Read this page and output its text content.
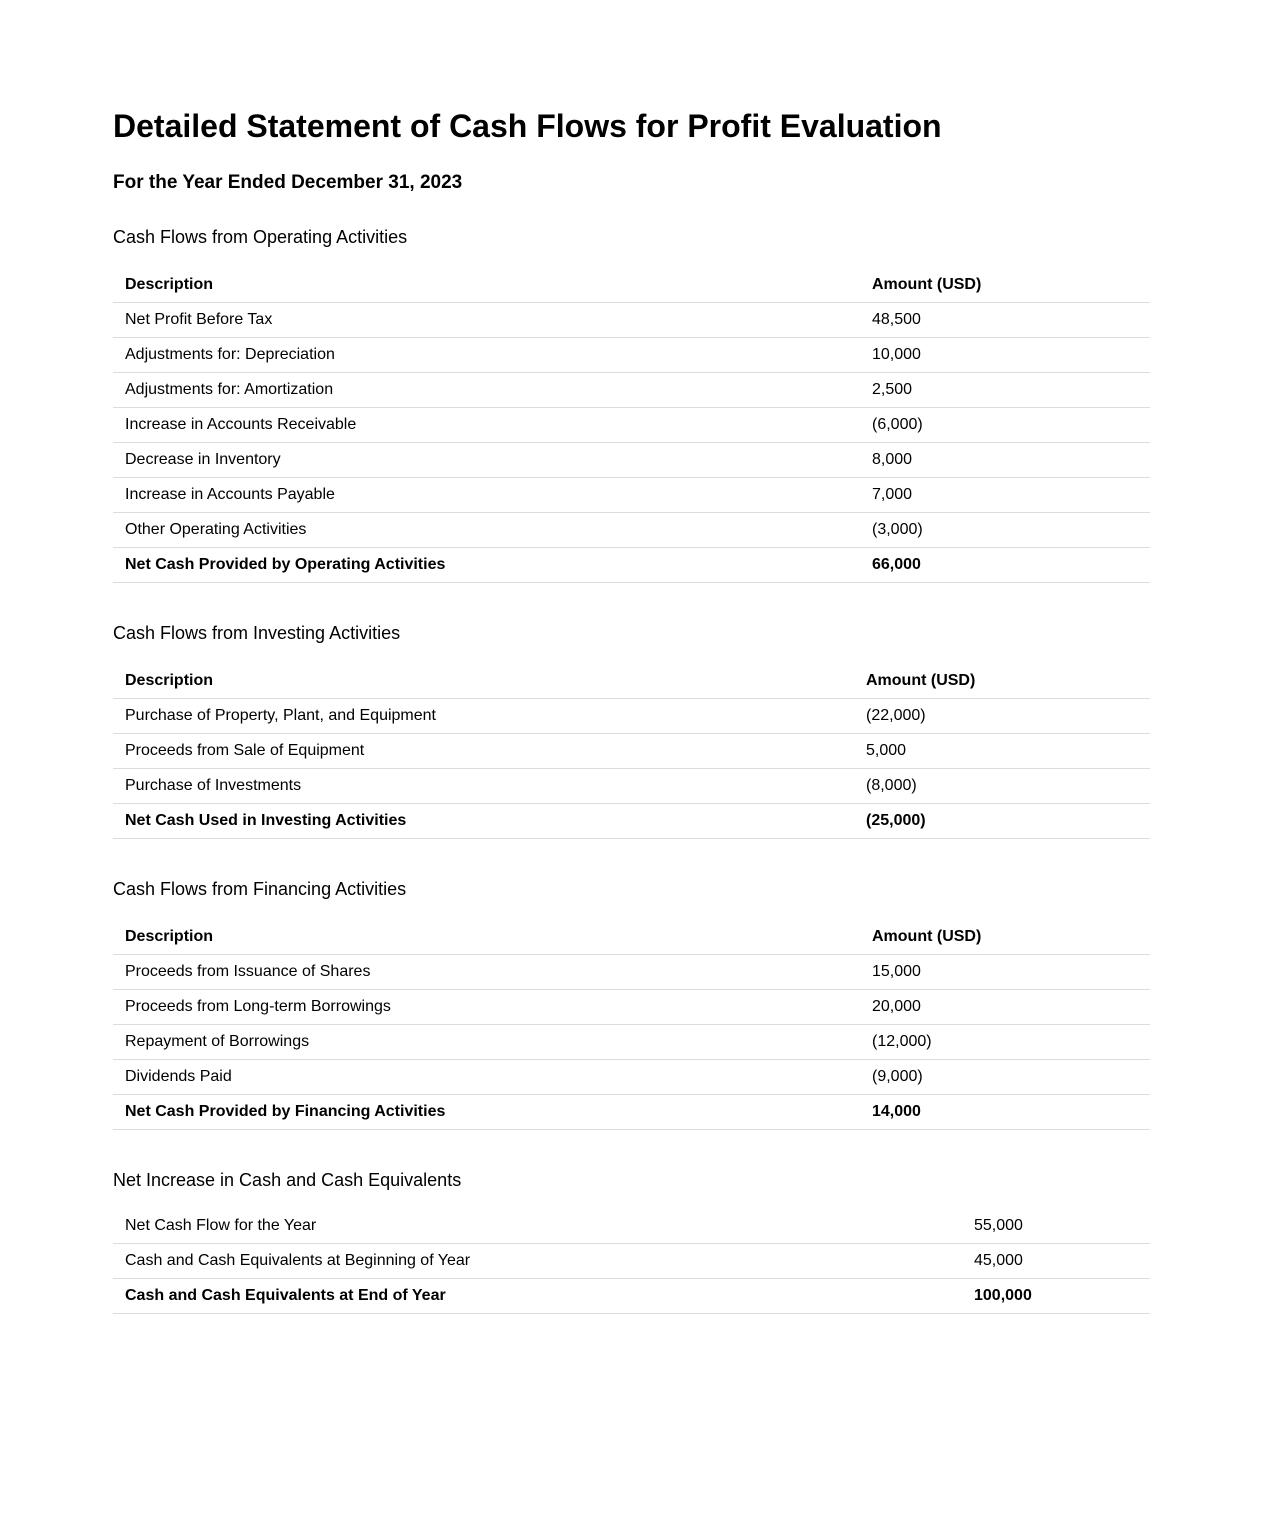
Detailed Statement of Cash Flows for Profit Evaluation
For the Year Ended December 31, 2023
Cash Flows from Operating Activities
Description	Amount (USD)
Net Profit Before Tax	48,500
Adjustments for: Depreciation	10,000
Adjustments for: Amortization	2,500
Increase in Accounts Receivable	(6,000)
Decrease in Inventory	8,000
Increase in Accounts Payable	7,000
Other Operating Activities	(3,000)
Net Cash Provided by Operating Activities	66,000
Cash Flows from Investing Activities
Description	Amount (USD)
Purchase of Property, Plant, and Equipment	(22,000)
Proceeds from Sale of Equipment	5,000
Purchase of Investments	(8,000)
Net Cash Used in Investing Activities	(25,000)
Cash Flows from Financing Activities
Description	Amount (USD)
Proceeds from Issuance of Shares	15,000
Proceeds from Long-term Borrowings	20,000
Repayment of Borrowings	(12,000)
Dividends Paid	(9,000)
Net Cash Provided by Financing Activities	14,000
Net Increase in Cash and Cash Equivalents
Net Cash Flow for the Year	55,000
Cash and Cash Equivalents at Beginning of Year	45,000
Cash and Cash Equivalents at End of Year	100,000
